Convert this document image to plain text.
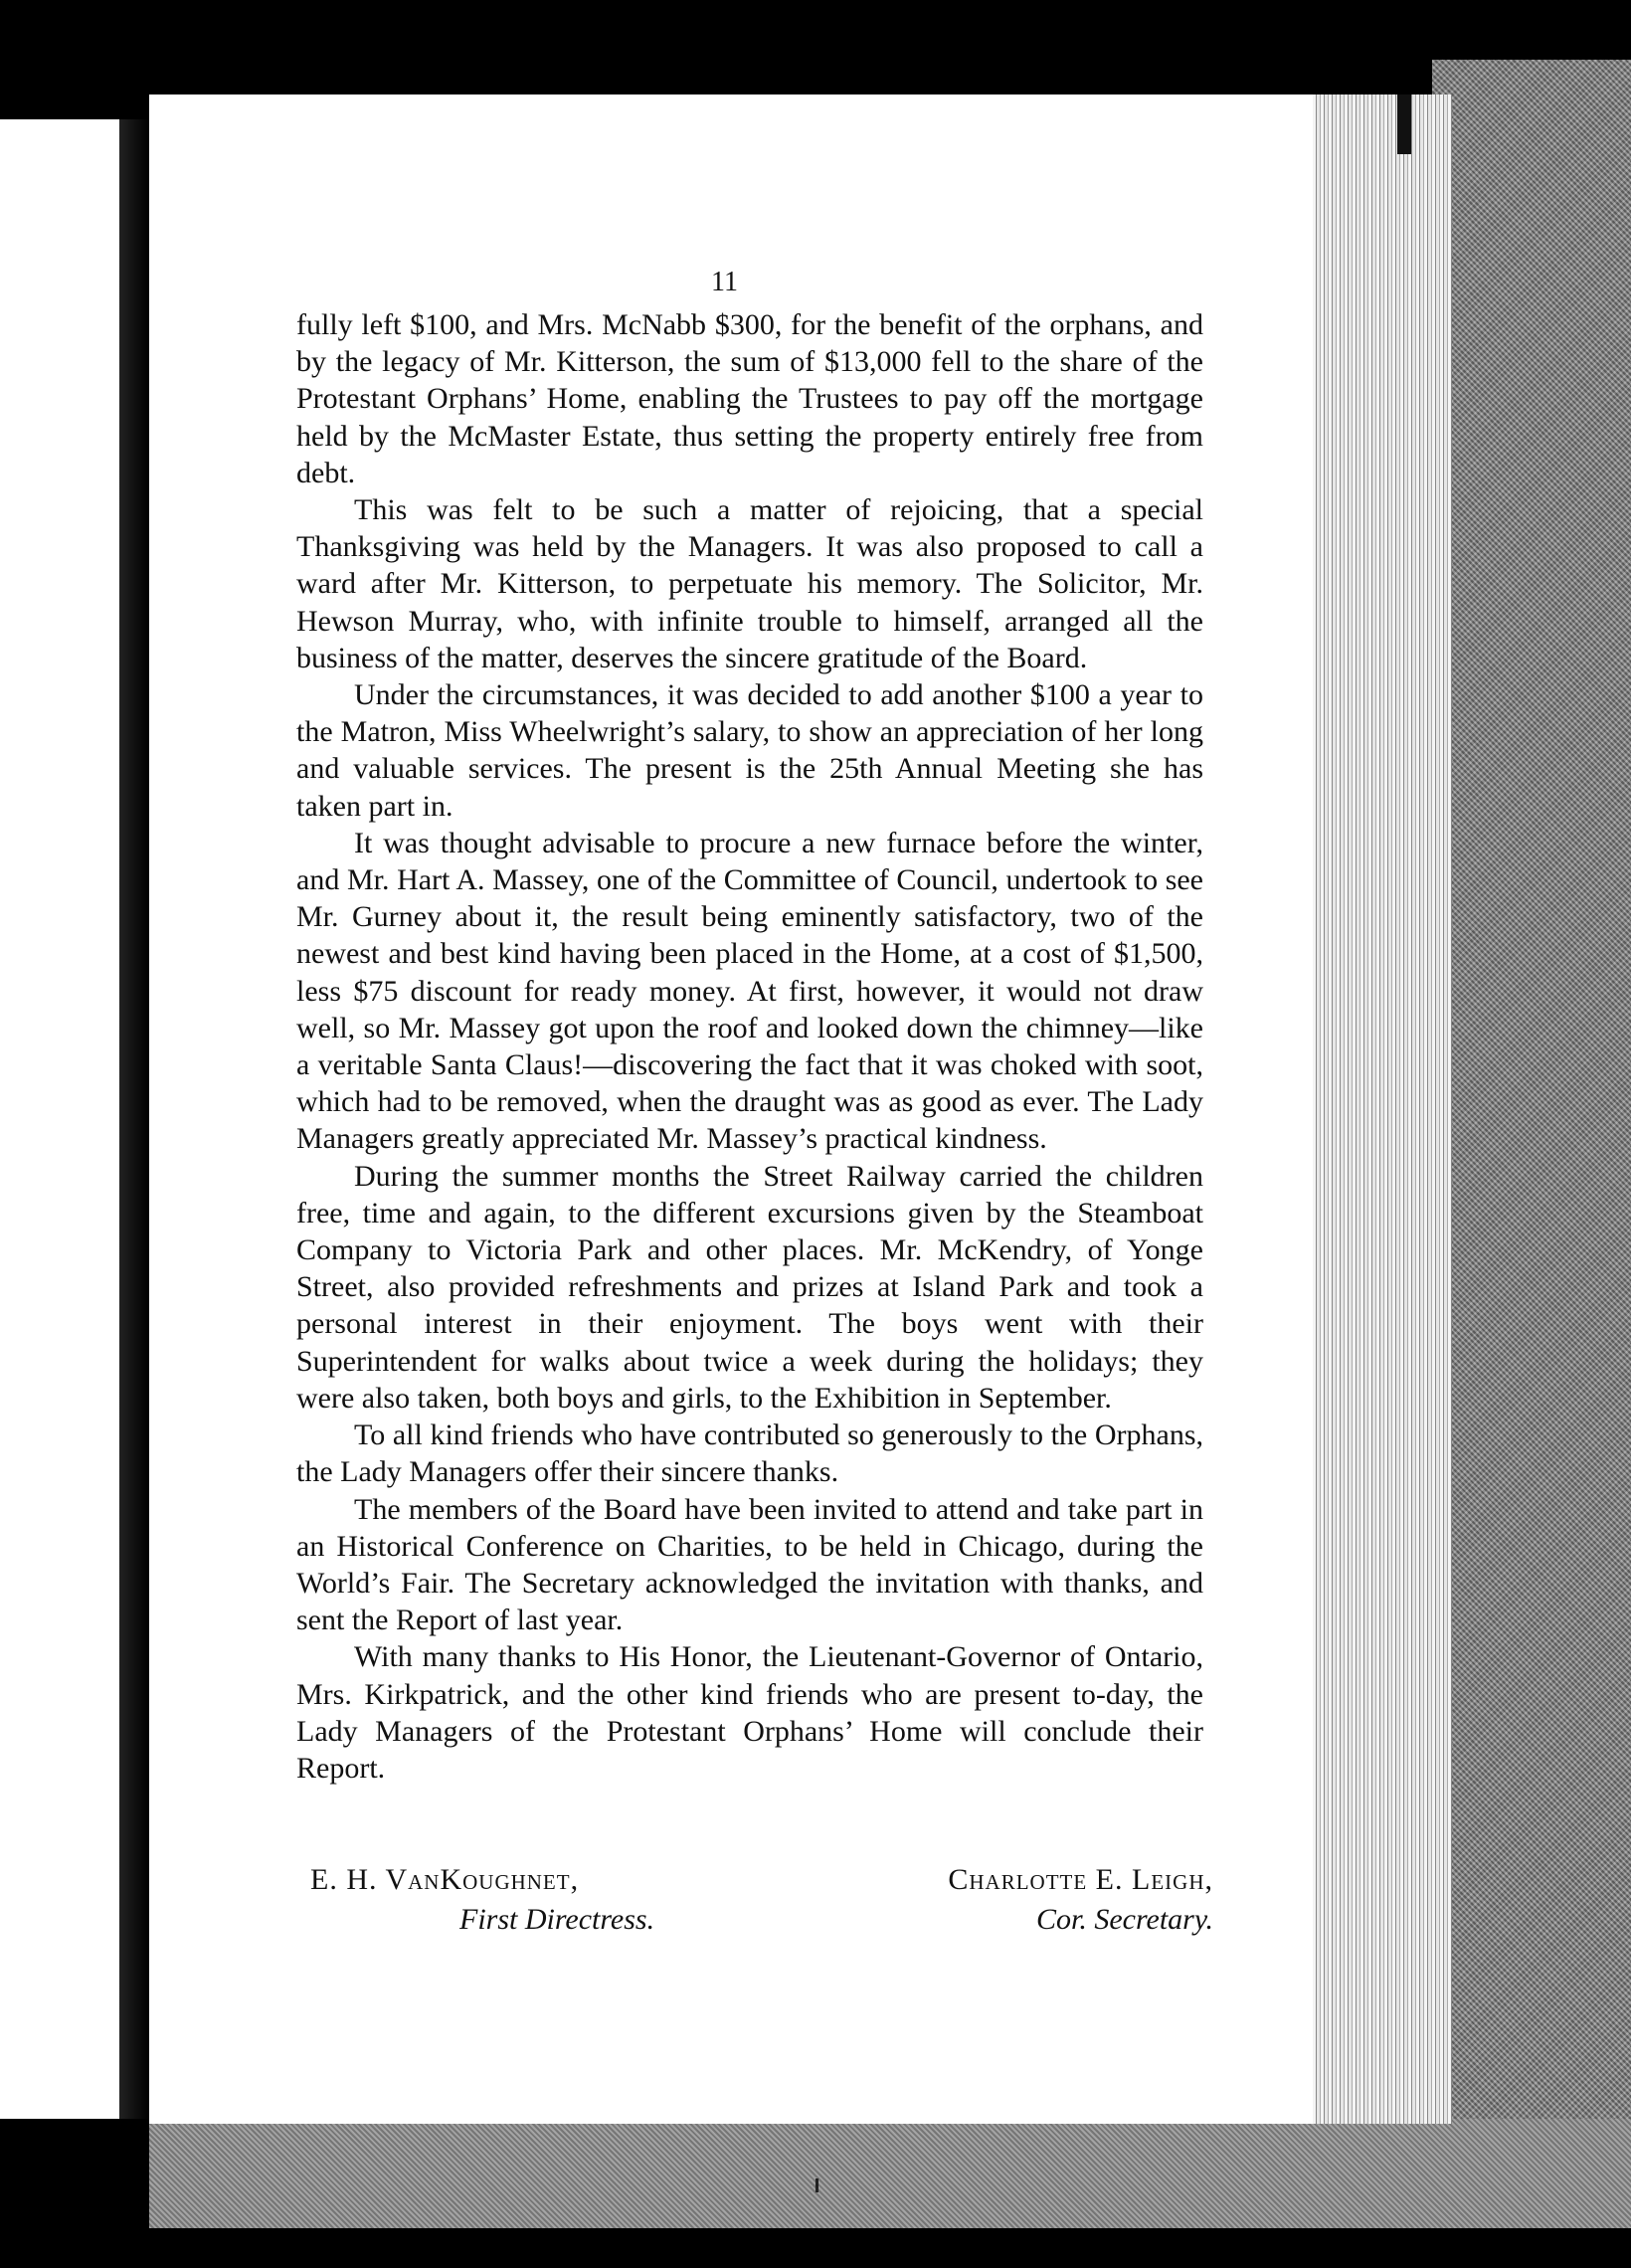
11

fully left $100, and Mrs. McNabb $300, for the benefit of the orphans, and by the legacy of Mr. Kitterson, the sum of $13,000 fell to the share of the Protestant Orphans’ Home, enabling the Trustees to pay off the mortgage held by the McMaster Estate, thus setting the property entirely free from debt.

This was felt to be such a matter of rejoicing, that a special Thanksgiving was held by the Managers. It was also proposed to call a ward after Mr. Kitterson, to perpetuate his memory. The Solicitor, Mr. Hewson Murray, who, with infinite trouble to himself, arranged all the business of the matter, deserves the sincere gratitude of the Board.

Under the circumstances, it was decided to add another $100 a year to the Matron, Miss Wheelwright’s salary, to show an appreciation of her long and valuable services. The present is the 25th Annual Meeting she has taken part in.

It was thought advisable to procure a new furnace before the winter, and Mr. Hart A. Massey, one of the Committee of Council, undertook to see Mr. Gurney about it, the result being eminently satisfactory, two of the newest and best kind having been placed in the Home, at a cost of $1,500, less $75 discount for ready money. At first, however, it would not draw well, so Mr. Massey got upon the roof and looked down the chimney—like a veritable Santa Claus!—discovering the fact that it was choked with soot, which had to be removed, when the draught was as good as ever. The Lady Managers greatly appreciated Mr. Massey’s practical kindness.

During the summer months the Street Railway carried the children free, time and again, to the different excursions given by the Steamboat Company to Victoria Park and other places. Mr. McKendry, of Yonge Street, also provided refreshments and prizes at Island Park and took a personal interest in their enjoyment. The boys went with their Superintendent for walks about twice a week during the holidays; they were also taken, both boys and girls, to the Exhibition in September.

To all kind friends who have contributed so generously to the Orphans, the Lady Managers offer their sincere thanks.

The members of the Board have been invited to attend and take part in an Historical Conference on Charities, to be held in Chicago, during the World’s Fair. The Secretary acknowledged the invitation with thanks, and sent the Report of last year.

With many thanks to His Honor, the Lieutenant-Governor of Ontario, Mrs. Kirkpatrick, and the other kind friends who are present to-day, the Lady Managers of the Protestant Orphans’ Home will conclude their Report.

E. H. VanKoughnet,
First Directress.
Charlotte E. Leigh,
Cor. Secretary.
